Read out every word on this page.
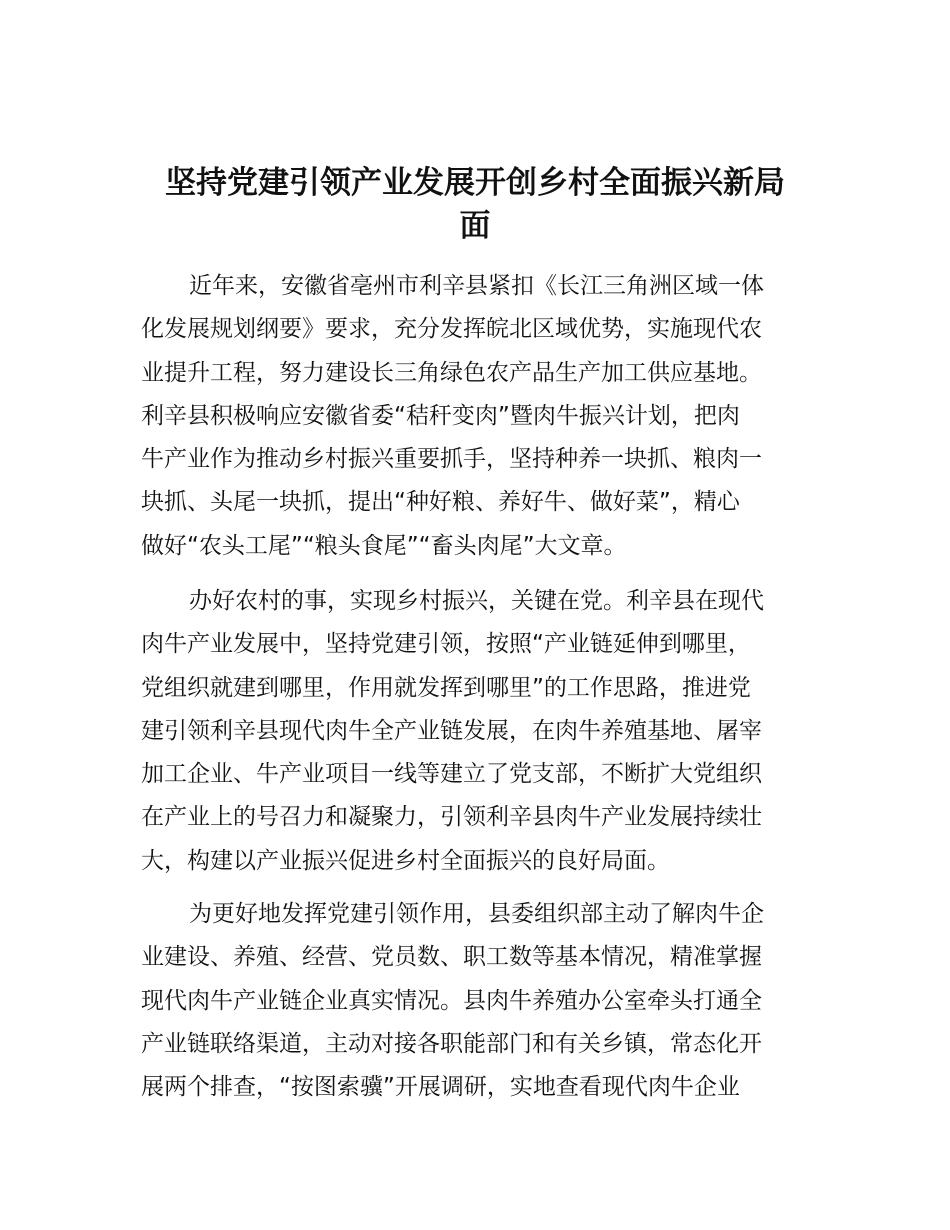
坚持党建引领产业发展开创乡村全面振兴新局
面

近年来，安徽省亳州市利辛县紧扣《长江三角洲区域一体
化发展规划纲要》要求，充分发挥皖北区域优势，实施现代农
业提升工程，努力建设长三角绿色农产品生产加工供应基地。
利辛县积极响应安徽省委“秸秆变肉”暨肉牛振兴计划，把肉
牛产业作为推动乡村振兴重要抓手，坚持种养一块抓、粮肉一
块抓、头尾一块抓，提出“种好粮、养好牛、做好菜”，精心
做好“农头工尾”“粮头食尾”“畜头肉尾”大文章。

办好农村的事，实现乡村振兴，关键在党。利辛县在现代
肉牛产业发展中，坚持党建引领，按照“产业链延伸到哪里，
党组织就建到哪里，作用就发挥到哪里”的工作思路，推进党
建引领利辛县现代肉牛全产业链发展，在肉牛养殖基地、屠宰
加工企业、牛产业项目一线等建立了党支部，不断扩大党组织
在产业上的号召力和凝聚力，引领利辛县肉牛产业发展持续壮
大，构建以产业振兴促进乡村全面振兴的良好局面。

为更好地发挥党建引领作用，县委组织部主动了解肉牛企
业建设、养殖、经营、党员数、职工数等基本情况，精准掌握
现代肉牛产业链企业真实情况。县肉牛养殖办公室牵头打通全
产业链联络渠道，主动对接各职能部门和有关乡镇，常态化开
展两个排查，“按图索骥”开展调研，实地查看现代肉牛企业
